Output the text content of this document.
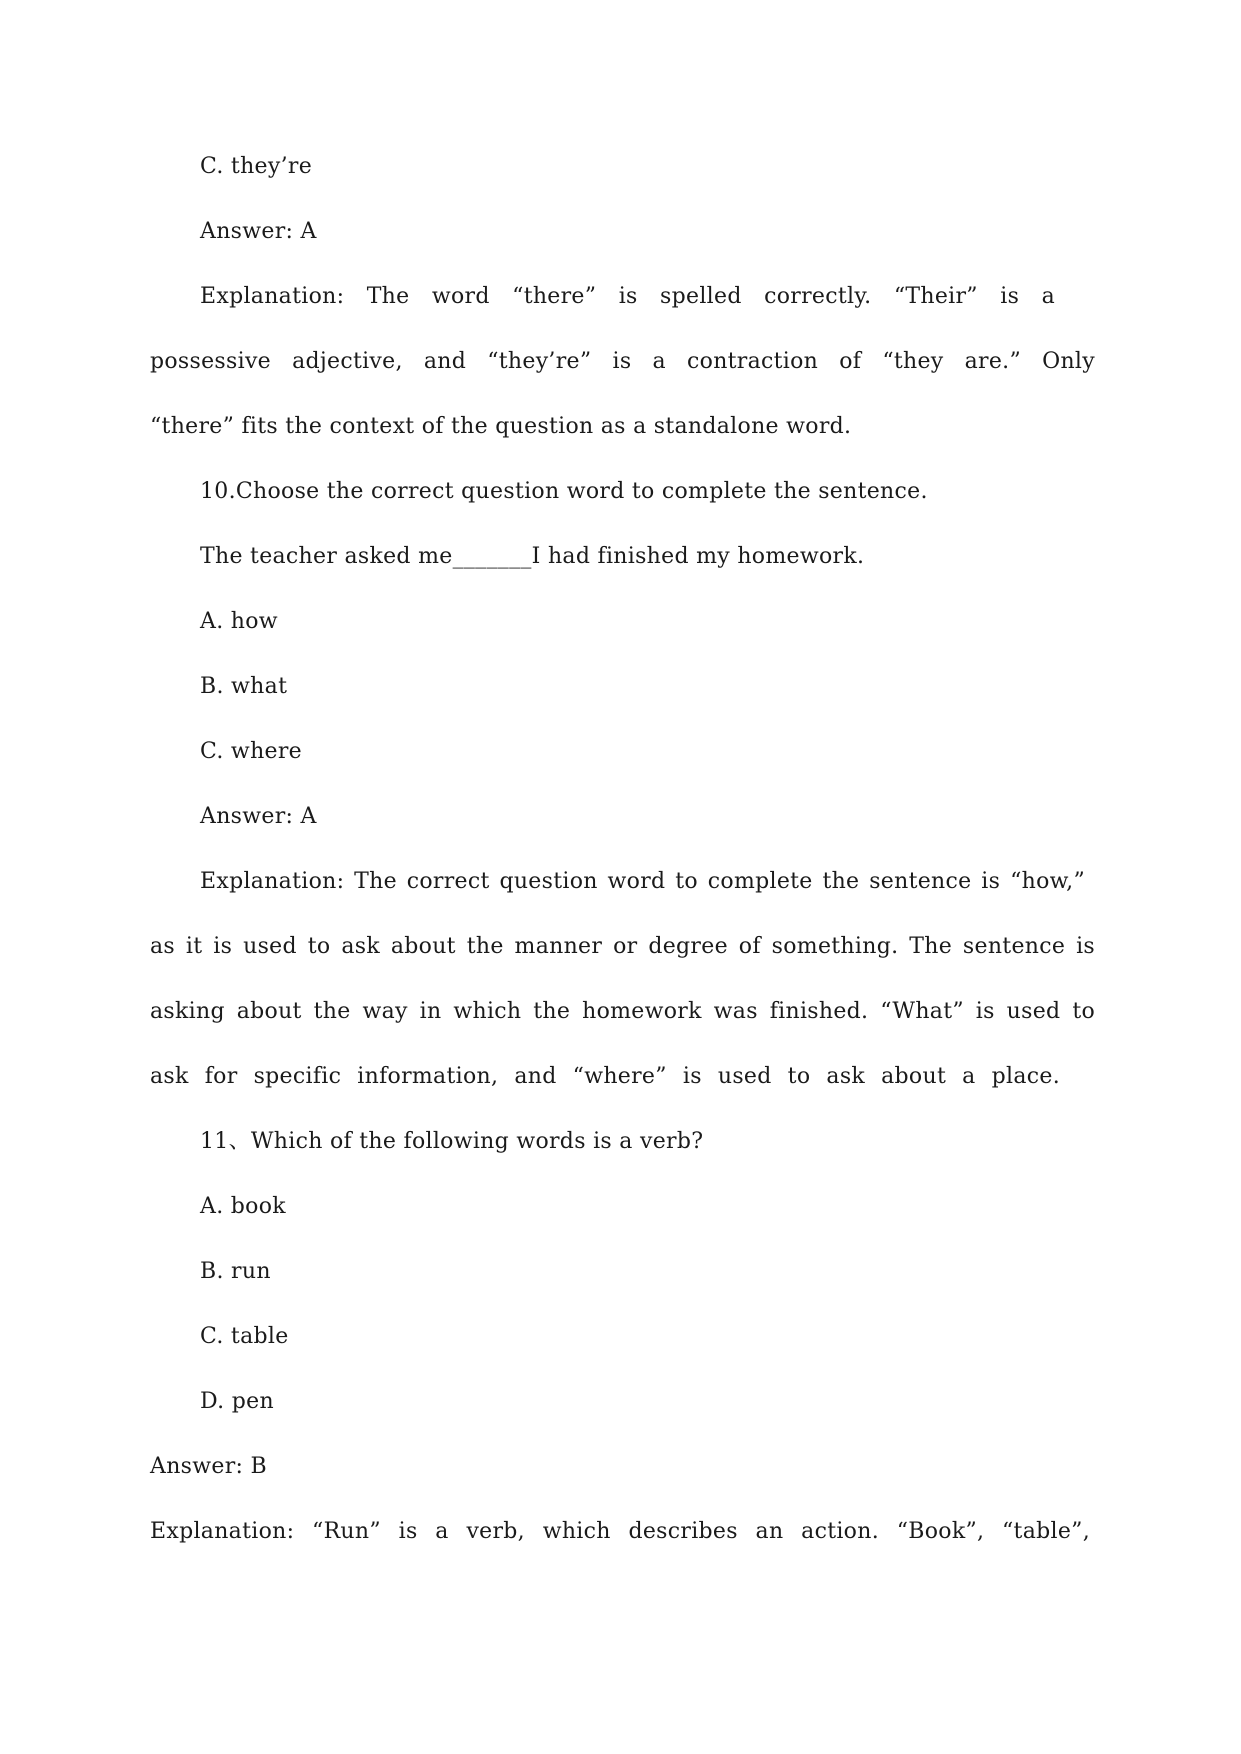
C. they’re
Answer: A
Explanation: The word “there” is spelled correctly. “Their” is a
possessive adjective, and “they’re” is a contraction of “they are.” Only
“there” fits the context of the question as a standalone word.
10.Choose the correct question word to complete the sentence.
The teacher asked me_______I had finished my homework.
A. how
B. what
C. where
Answer: A
Explanation: The correct question word to complete the sentence is “how,”
as it is used to ask about the manner or degree of something. The sentence is
asking about the way in which the homework was finished. “What” is used to
ask for specific information, and “where” is used to ask about a place.
11、Which of the following words is a verb?
A. book
B. run
C. table
D. pen
Answer: B
Explanation: “Run” is a verb, which describes an action. “Book”, “table”,
